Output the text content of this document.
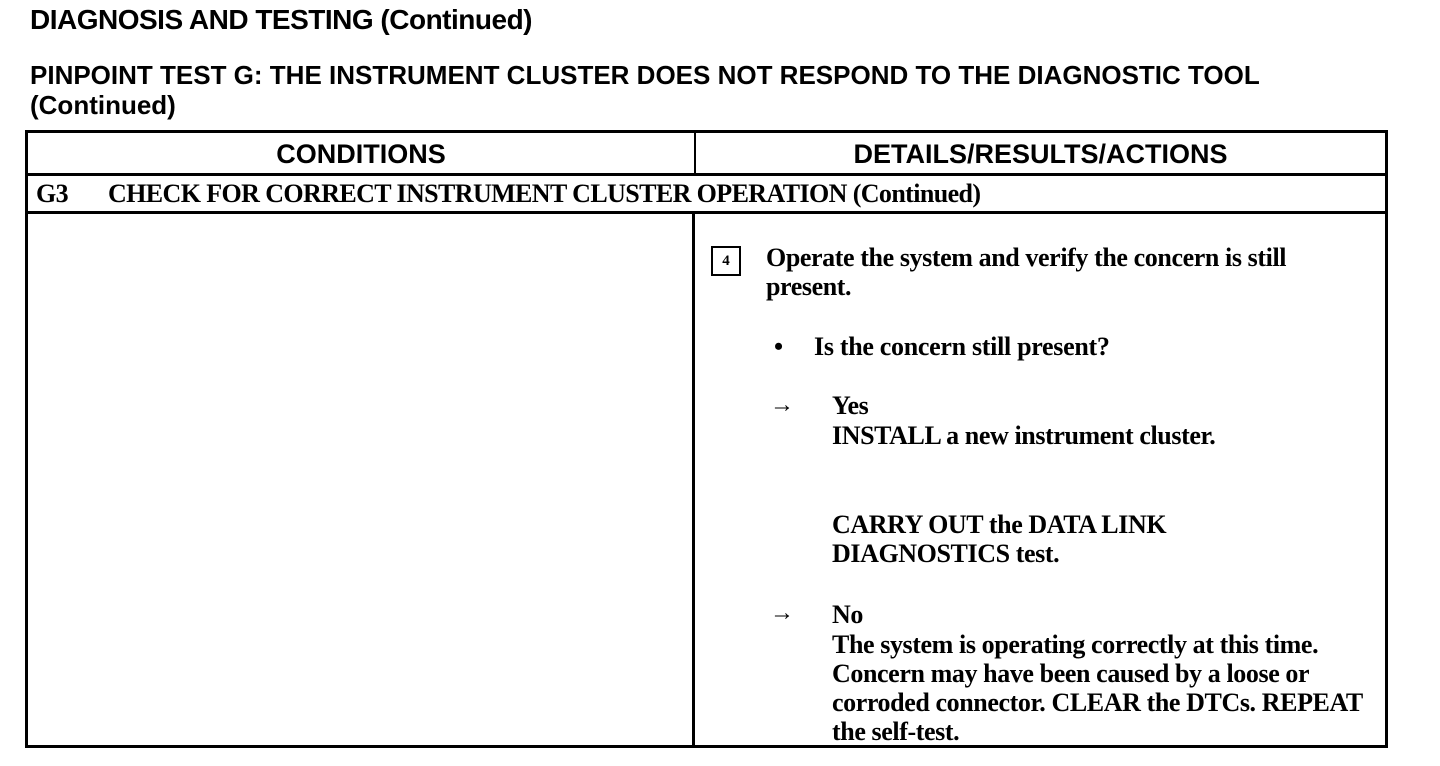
DIAGNOSIS AND TESTING (Continued)
PINPOINT TEST G: THE INSTRUMENT CLUSTER DOES NOT RESPOND TO THE DIAGNOSTIC TOOL (Continued)
CONDITIONS	DETAILS/RESULTS/ACTIONS
G3 CHECK FOR CORRECT INSTRUMENT CLUSTER OPERATION (Continued)
4	Operate the system and verify the concern is still present.
• Is the concern still present?
→	Yes
INSTALL a new instrument cluster.
CARRY OUT the DATA LINK DIAGNOSTICS test.
→	No
The system is operating correctly at this time. Concern may have been caused by a loose or corroded connector. CLEAR the DTCs. REPEAT the self-test.
